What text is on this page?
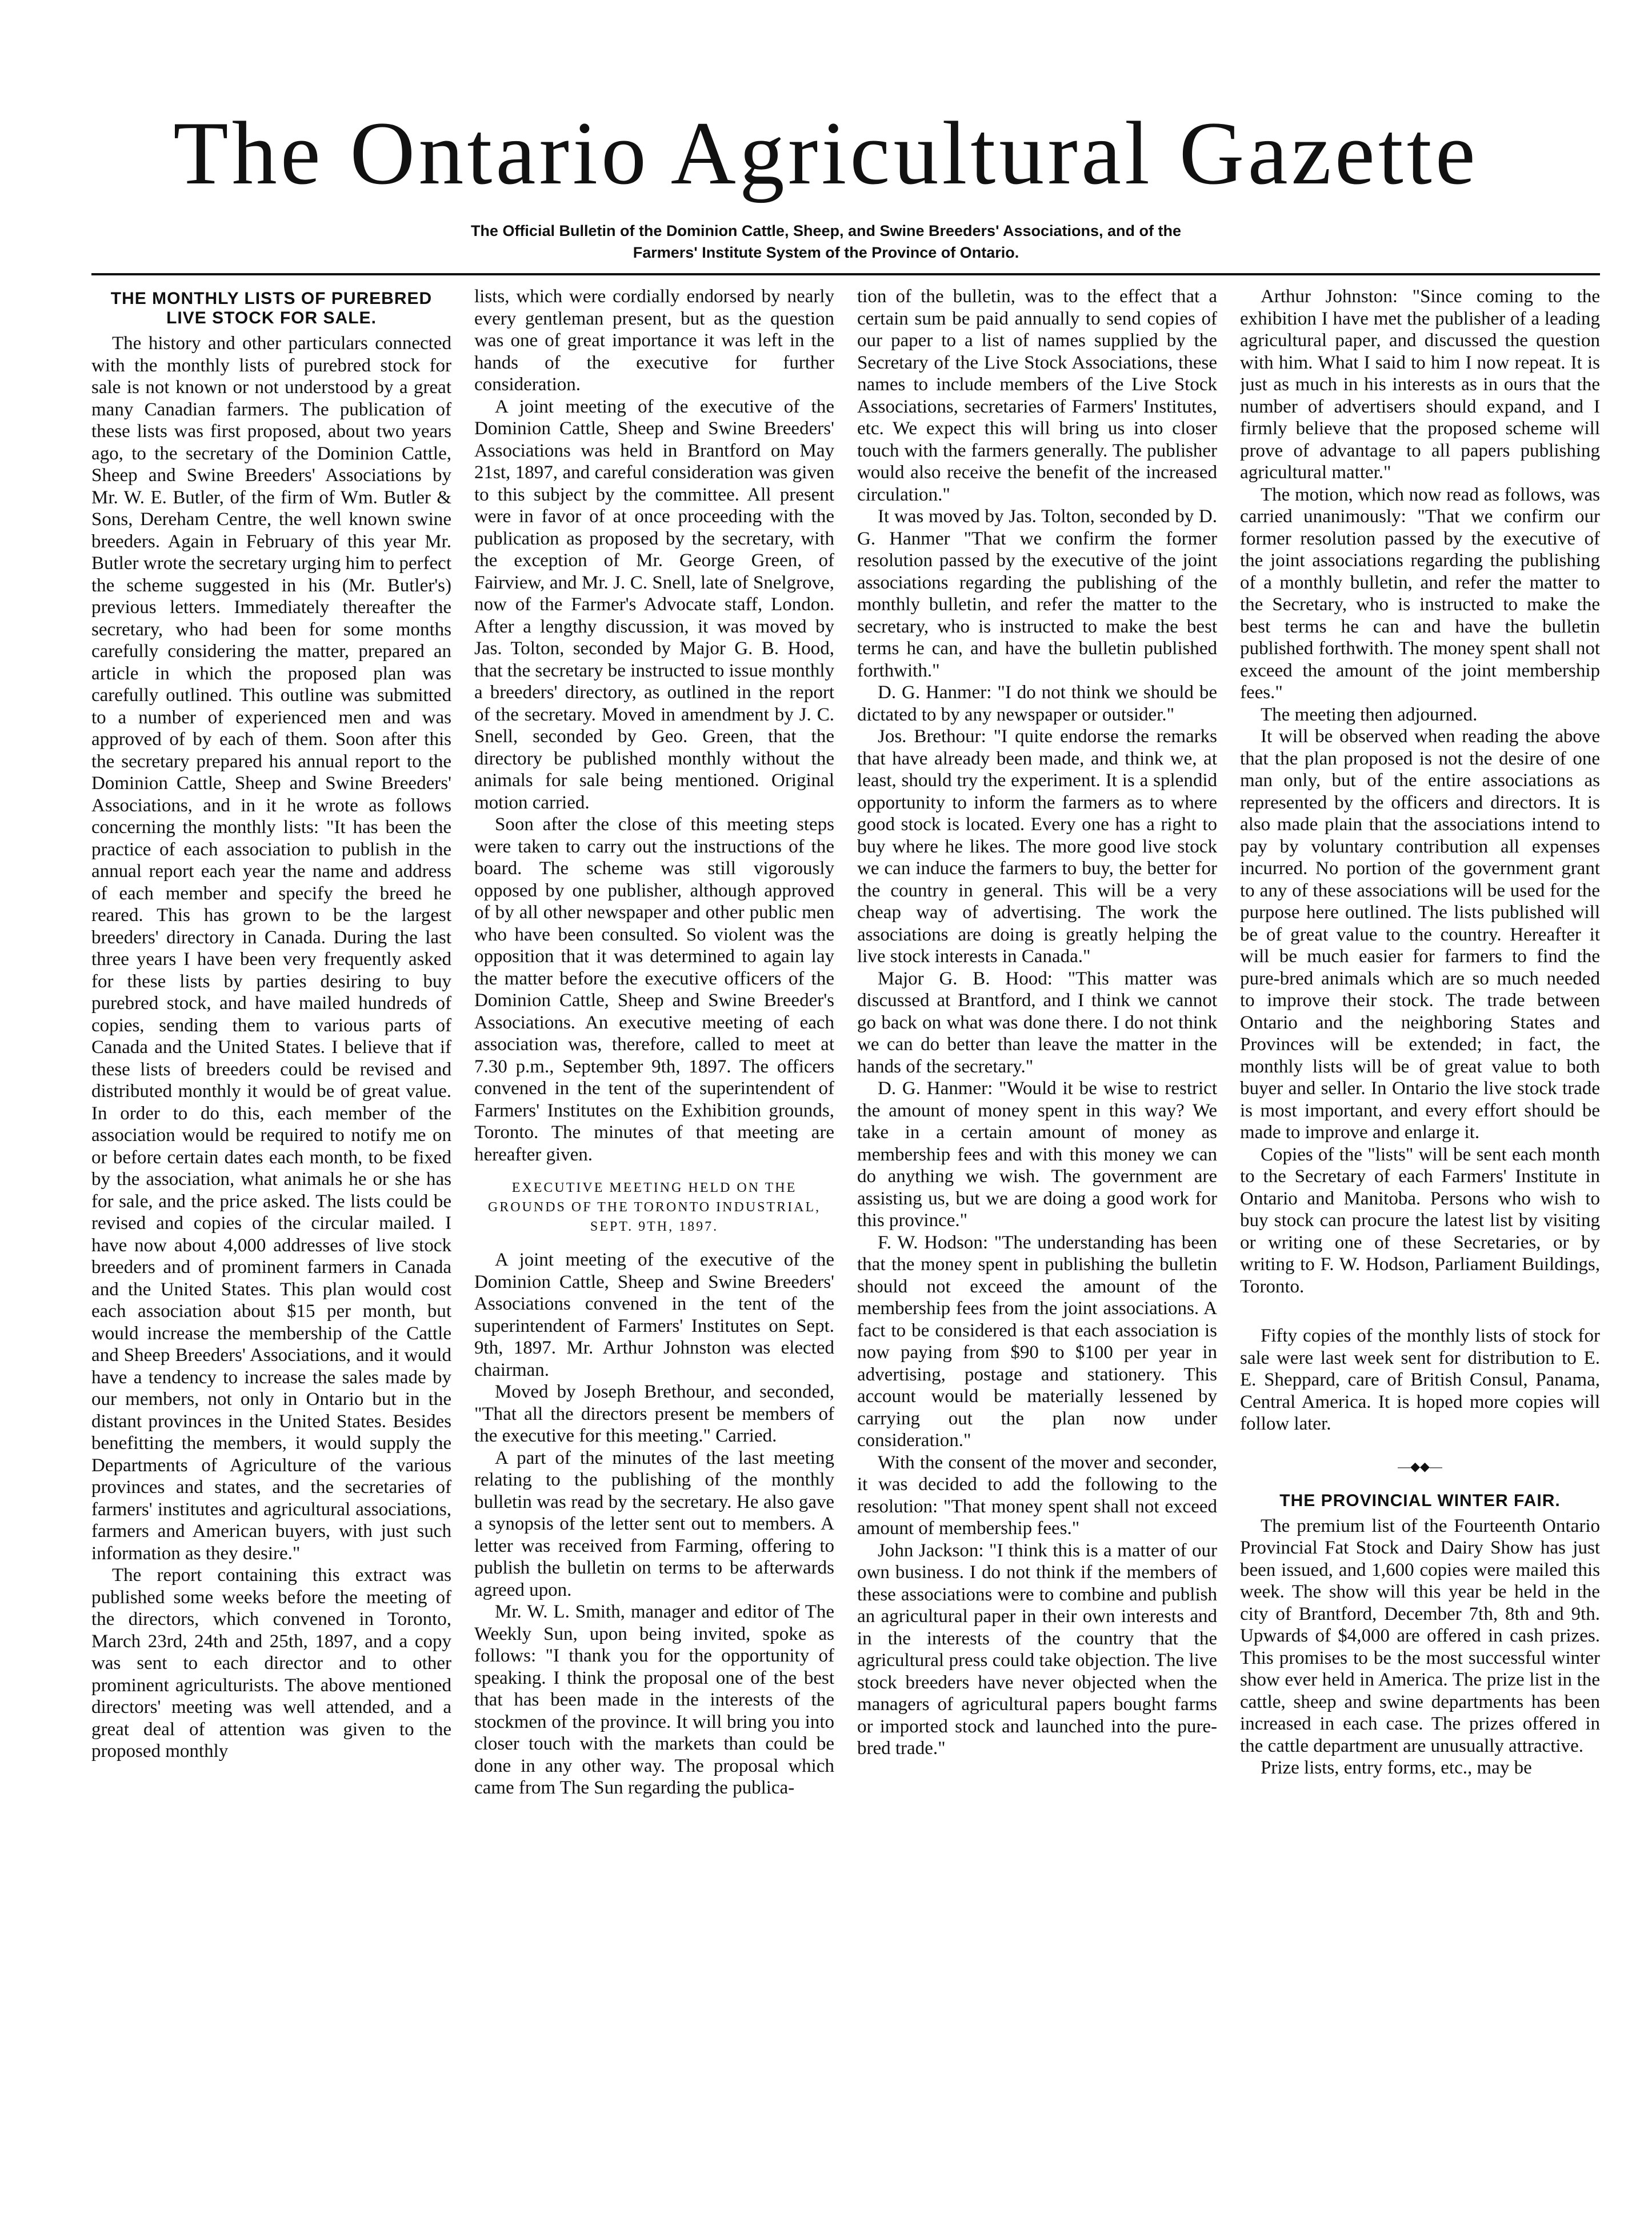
The Ontario Agricultural Gazette
The Official Bulletin of the Dominion Cattle, Sheep, and Swine Breeders' Associations, and of the
Farmers' Institute System of the Province of Ontario.
THE MONTHLY LISTS OF PUREBRED LIVE STOCK FOR SALE.

The history and other particulars connected with the monthly lists of purebred stock for sale is not known or not understood by a great many Canadian farmers. The publication of these lists was first proposed, about two years ago, to the secretary of the Dominion Cattle, Sheep and Swine Breeders' Associations by Mr. W. E. Butler, of the firm of Wm. Butler & Sons, Dereham Centre, the well known swine breeders. Again in February of this year Mr. Butler wrote the secretary urging him to perfect the scheme suggested in his (Mr. Butler's) previous letters. Immediately thereafter the secretary, who had been for some months carefully considering the matter, prepared an article in which the proposed plan was carefully outlined. This outline was submitted to a number of experienced men and was approved of by each of them. Soon after this the secretary prepared his annual report to the Dominion Cattle, Sheep and Swine Breeders' Associations, and in it he wrote as follows concerning the monthly lists: "It has been the practice of each association to publish in the annual report each year the name and address of each member and specify the breed he reared. This has grown to be the largest breeders' directory in Canada. During the last three years I have been very frequently asked for these lists by parties desiring to buy purebred stock, and have mailed hundreds of copies, sending them to various parts of Canada and the United States. I believe that if these lists of breeders could be revised and distributed monthly it would be of great value. In order to do this, each member of the association would be required to notify me on or before certain dates each month, to be fixed by the association, what animals he or she has for sale, and the price asked. The lists could be revised and copies of the circular mailed. I have now about 4,000 addresses of live stock breeders and of prominent farmers in Canada and the United States. This plan would cost each association about $15 per month, but would increase the membership of the Cattle and Sheep Breeders' Associations, and it would have a tendency to increase the sales made by our members, not only in Ontario but in the distant provinces in the United States. Besides benefitting the members, it would supply the Departments of Agriculture of the various provinces and states, and the secretaries of farmers' institutes and agricultural associations, farmers and American buyers, with just such information as they desire."

The report containing this extract was published some weeks before the meeting of the directors, which convened in Toronto, March 23rd, 24th and 25th, 1897, and a copy was sent to each director and to other prominent agriculturists. The above mentioned directors' meeting was well attended, and a great deal of attention was given to the proposed monthly

lists, which were cordially endorsed by nearly every gentleman present, but as the question was one of great importance it was left in the hands of the executive for further consideration.

A joint meeting of the executive of the Dominion Cattle, Sheep and Swine Breeders' Associations was held in Brantford on May 21st, 1897, and careful consideration was given to this subject by the committee. All present were in favor of at once proceeding with the publication as proposed by the secretary, with the exception of Mr. George Green, of Fairview, and Mr. J. C. Snell, late of Snelgrove, now of the Farmer's Advocate staff, London. After a lengthy discussion, it was moved by Jas. Tolton, seconded by Major G. B. Hood, that the secretary be instructed to issue monthly a breeders' directory, as outlined in the report of the secretary. Moved in amendment by J. C. Snell, seconded by Geo. Green, that the directory be published monthly without the animals for sale being mentioned. Original motion carried.

Soon after the close of this meeting steps were taken to carry out the instructions of the board. The scheme was still vigorously opposed by one publisher, although approved of by all other newspaper and other public men who have been consulted. So violent was the opposition that it was determined to again lay the matter before the executive officers of the Dominion Cattle, Sheep and Swine Breeder's Associations. An executive meeting of each association was, therefore, called to meet at 7.30 p.m., September 9th, 1897. The officers convened in the tent of the superintendent of Farmers' Institutes on the Exhibition grounds, Toronto. The minutes of that meeting are hereafter given.

EXECUTIVE MEETING HELD ON THE GROUNDS OF THE TORONTO INDUSTRIAL, SEPT. 9TH, 1897.

A joint meeting of the executive of the Dominion Cattle, Sheep and Swine Breeders' Associations convened in the tent of the superintendent of Farmers' Institutes on Sept. 9th, 1897. Mr. Arthur Johnston was elected chairman.

Moved by Joseph Brethour, and seconded, "That all the directors present be members of the executive for this meeting." Carried.

A part of the minutes of the last meeting relating to the publishing of the monthly bulletin was read by the secretary. He also gave a synopsis of the letter sent out to members. A letter was received from Farming, offering to publish the bulletin on terms to be afterwards agreed upon.

Mr. W. L. Smith, manager and editor of The Weekly Sun, upon being invited, spoke as follows: "I thank you for the opportunity of speaking. I think the proposal one of the best that has been made in the interests of the stockmen of the province. It will bring you into closer touch with the markets than could be done in any other way. The proposal which came from The Sun regarding the publica-

tion of the bulletin, was to the effect that a certain sum be paid annually to send copies of our paper to a list of names supplied by the Secretary of the Live Stock Associations, these names to include members of the Live Stock Associations, secretaries of Farmers' Institutes, etc. We expect this will bring us into closer touch with the farmers generally. The publisher would also receive the benefit of the increased circulation."

It was moved by Jas. Tolton, seconded by D. G. Hanmer "That we confirm the former resolution passed by the executive of the joint associations regarding the publishing of the monthly bulletin, and refer the matter to the secretary, who is instructed to make the best terms he can, and have the bulletin published forthwith."

D. G. Hanmer: "I do not think we should be dictated to by any newspaper or outsider."

Jos. Brethour: "I quite endorse the remarks that have already been made, and think we, at least, should try the experiment. It is a splendid opportunity to inform the farmers as to where good stock is located. Every one has a right to buy where he likes. The more good live stock we can induce the farmers to buy, the better for the country in general. This will be a very cheap way of advertising. The work the associations are doing is greatly helping the live stock interests in Canada."

Major G. B. Hood: "This matter was discussed at Brantford, and I think we cannot go back on what was done there. I do not think we can do better than leave the matter in the hands of the secretary."

D. G. Hanmer: "Would it be wise to restrict the amount of money spent in this way? We take in a certain amount of money as membership fees and with this money we can do anything we wish. The government are assisting us, but we are doing a good work for this province."

F. W. Hodson: "The understanding has been that the money spent in publishing the bulletin should not exceed the amount of the membership fees from the joint associations. A fact to be considered is that each association is now paying from $90 to $100 per year in advertising, postage and stationery. This account would be materially lessened by carrying out the plan now under consideration."

With the consent of the mover and seconder, it was decided to add the following to the resolution: "That money spent shall not exceed amount of membership fees."

John Jackson: "I think this is a matter of our own business. I do not think if the members of these associations were to combine and publish an agricultural paper in their own interests and in the interests of the country that the agricultural press could take objection. The live stock breeders have never objected when the managers of agricultural papers bought farms or imported stock and launched into the pure-bred trade."

Arthur Johnston: "Since coming to the exhibition I have met the publisher of a leading agricultural paper, and discussed the question with him. What I said to him I now repeat. It is just as much in his interests as in ours that the number of advertisers should expand, and I firmly believe that the proposed scheme will prove of advantage to all papers publishing agricultural matter."

The motion, which now read as follows, was carried unanimously: "That we confirm our former resolution passed by the executive of the joint associations regarding the publishing of a monthly bulletin, and refer the matter to the Secretary, who is instructed to make the best terms he can and have the bulletin published forthwith. The money spent shall not exceed the amount of the joint membership fees."

The meeting then adjourned.

It will be observed when reading the above that the plan proposed is not the desire of one man only, but of the entire associations as represented by the officers and directors. It is also made plain that the associations intend to pay by voluntary contribution all expenses incurred. No portion of the government grant to any of these associations will be used for the purpose here outlined. The lists published will be of great value to the country. Hereafter it will be much easier for farmers to find the pure-bred animals which are so much needed to improve their stock. The trade between Ontario and the neighboring States and Provinces will be extended; in fact, the monthly lists will be of great value to both buyer and seller. In Ontario the live stock trade is most important, and every effort should be made to improve and enlarge it.

Copies of the "lists" will be sent each month to the Secretary of each Farmers' Institute in Ontario and Manitoba. Persons who wish to buy stock can procure the latest list by visiting or writing one of these Secretaries, or by writing to F. W. Hodson, Parliament Buildings, Toronto.

Fifty copies of the monthly lists of stock for sale were last week sent for distribution to E. E. Sheppard, care of British Consul, Panama, Central America. It is hoped more copies will follow later.

—◆◆—
THE PROVINCIAL WINTER FAIR.

The premium list of the Fourteenth Ontario Provincial Fat Stock and Dairy Show has just been issued, and 1,600 copies were mailed this week. The show will this year be held in the city of Brantford, December 7th, 8th and 9th. Upwards of $4,000 are offered in cash prizes. This promises to be the most successful winter show ever held in America. The prize list in the cattle, sheep and swine departments has been increased in each case. The prizes offered in the cattle department are unusually attractive.

Prize lists, entry forms, etc., may be
